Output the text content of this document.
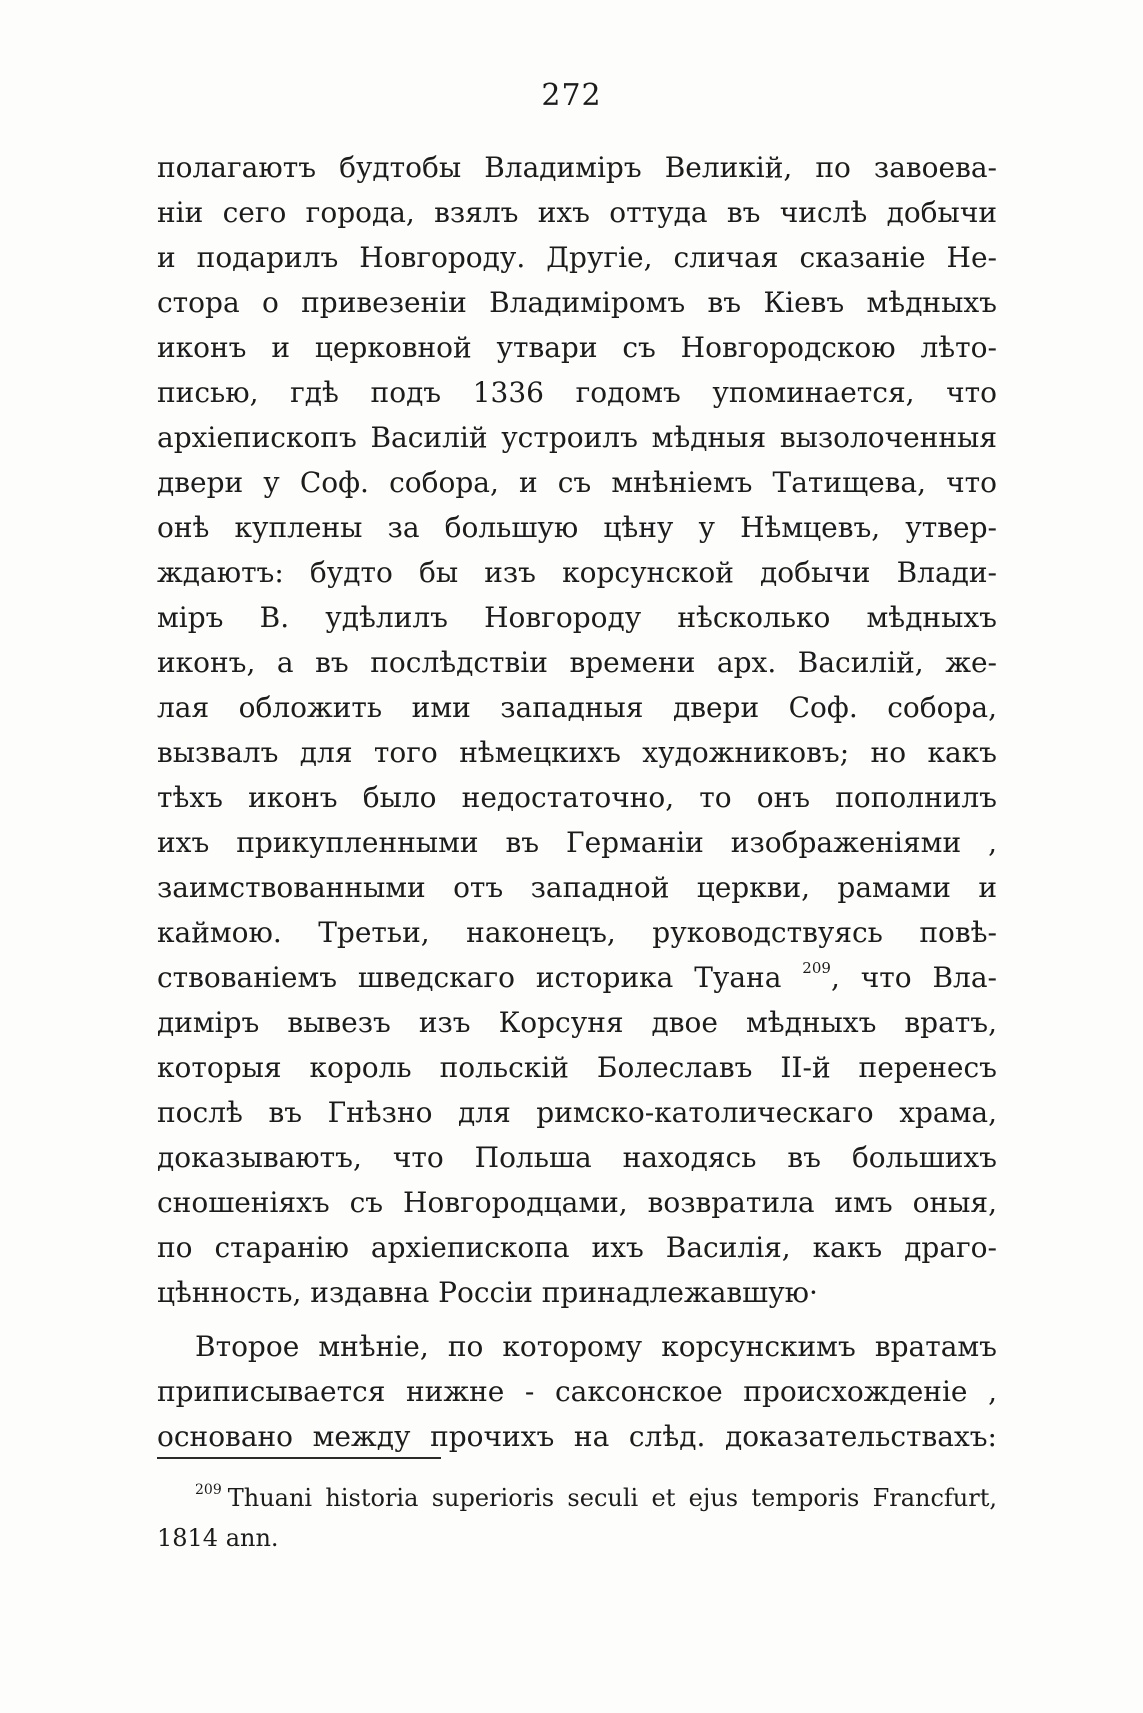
272
полагаютъ будтобы Владиміръ Великій, по завоева-
ніи сего города, взялъ ихъ оттуда въ числѣ добычи
и подарилъ Новгороду. Другіе, сличая сказаніе Не-
стора о привезеніи Владиміромъ въ Кіевъ мѣдныхъ
иконъ и церковной утвари съ Новгородскою лѣто-
писью, гдѣ подъ 1336 годомъ упоминается, что
архіепископъ Василій устроилъ мѣдныя вызолоченныя
двери у Соф. собора, и съ мнѣніемъ Татищева, что
онѣ куплены за большую цѣну у Нѣмцевъ, утвер-
ждаютъ: будто бы изъ корсунской добычи Влади-
міръ В. удѣлилъ Новгороду нѣсколько мѣдныхъ
иконъ, а въ послѣдствіи времени арх. Василій, же-
лая обложить ими западныя двери Соф. собора,
вызвалъ для того нѣмецкихъ художниковъ; но какъ
тѣхъ иконъ было недостаточно, то онъ пополнилъ
ихъ прикупленными въ Германіи изображеніями ,
заимствованными отъ западной церкви, рамами и
каймою. Третьи, наконецъ, руководствуясь повѣ-
ствованіемъ шведскаго историка Туана $^{209}$, что Вла-
диміръ вывезъ изъ Корсуня двое мѣдныхъ вратъ,
которыя король польскій Болеславъ II-й перенесъ
послѣ въ Гнѣзно для римско-католическаго храма,
доказываютъ, что Польша находясь въ большихъ
сношеніяхъ съ Новгородцами, возвратила имъ оныя,
по старанію архіепископа ихъ Василія, какъ драго-
цѣнность, издавна Россіи принадлежавшую·
Второе мнѣніе, по которому корсунскимъ вратамъ
приписывается нижне - саксонское происхожденіе ,
основано между прочихъ на слѣд. доказательствахъ:
$^{209}$ Thuani historia superioris seculi et ejus temporis Francfurt,
1814 ann.
